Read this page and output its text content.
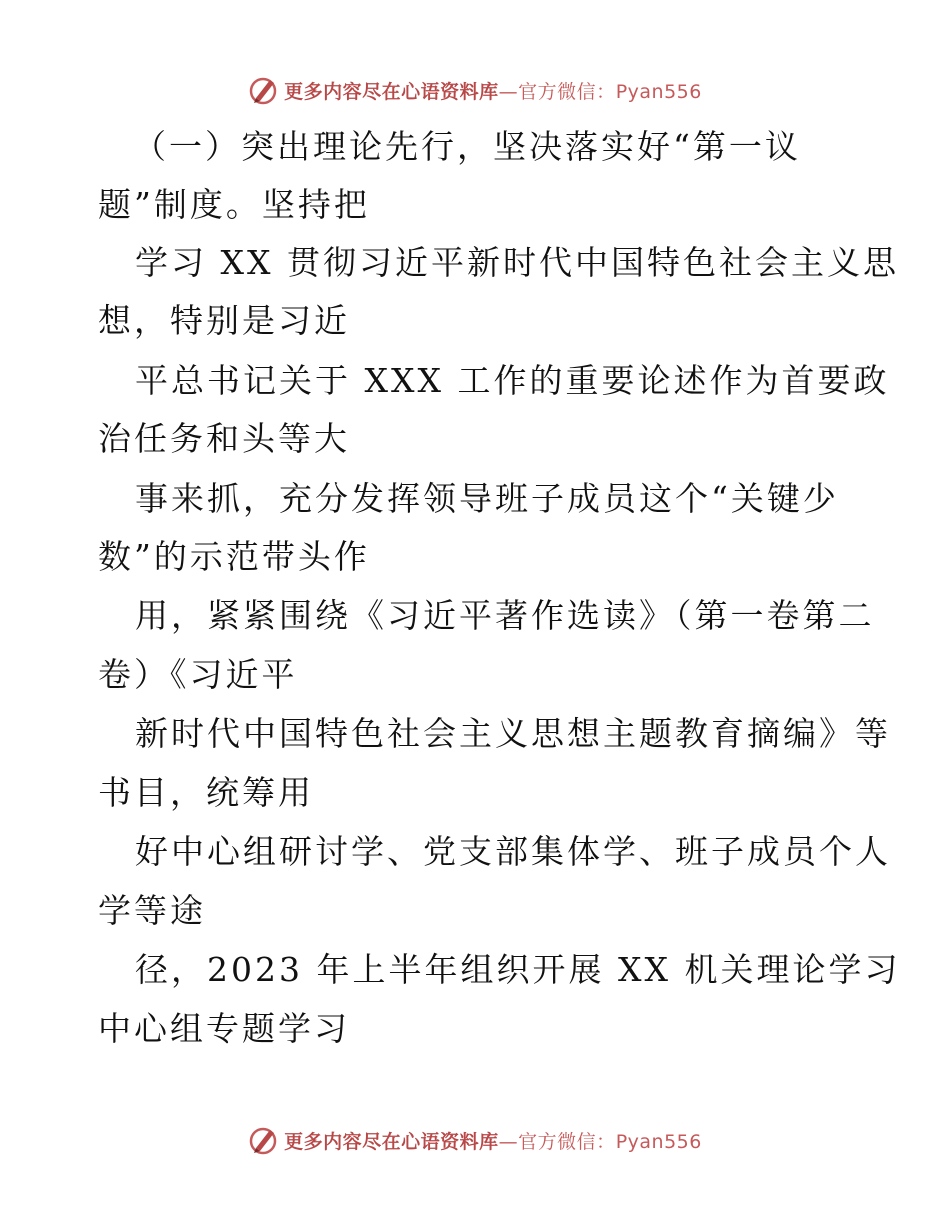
更多内容尽在心语资料库—官方微信：Pyan556
（一）突出理论先行，坚决落实好“第一议
题”制度。坚持把
学习 XX 贯彻习近平新时代中国特色社会主义思
想，特别是习近
平总书记关于 XXX 工作的重要论述作为首要政
治任务和头等大
事来抓，充分发挥领导班子成员这个“关键少
数”的示范带头作
用，紧紧围绕《习近平著作选读》（第一卷第二
卷）《习近平
新时代中国特色社会主义思想主题教育摘编》等
书目，统筹用
好中心组研讨学、党支部集体学、班子成员个人
学等途
径，2023 年上半年组织开展 XX 机关理论学习
中心组专题学习
更多内容尽在心语资料库—官方微信：Pyan556
